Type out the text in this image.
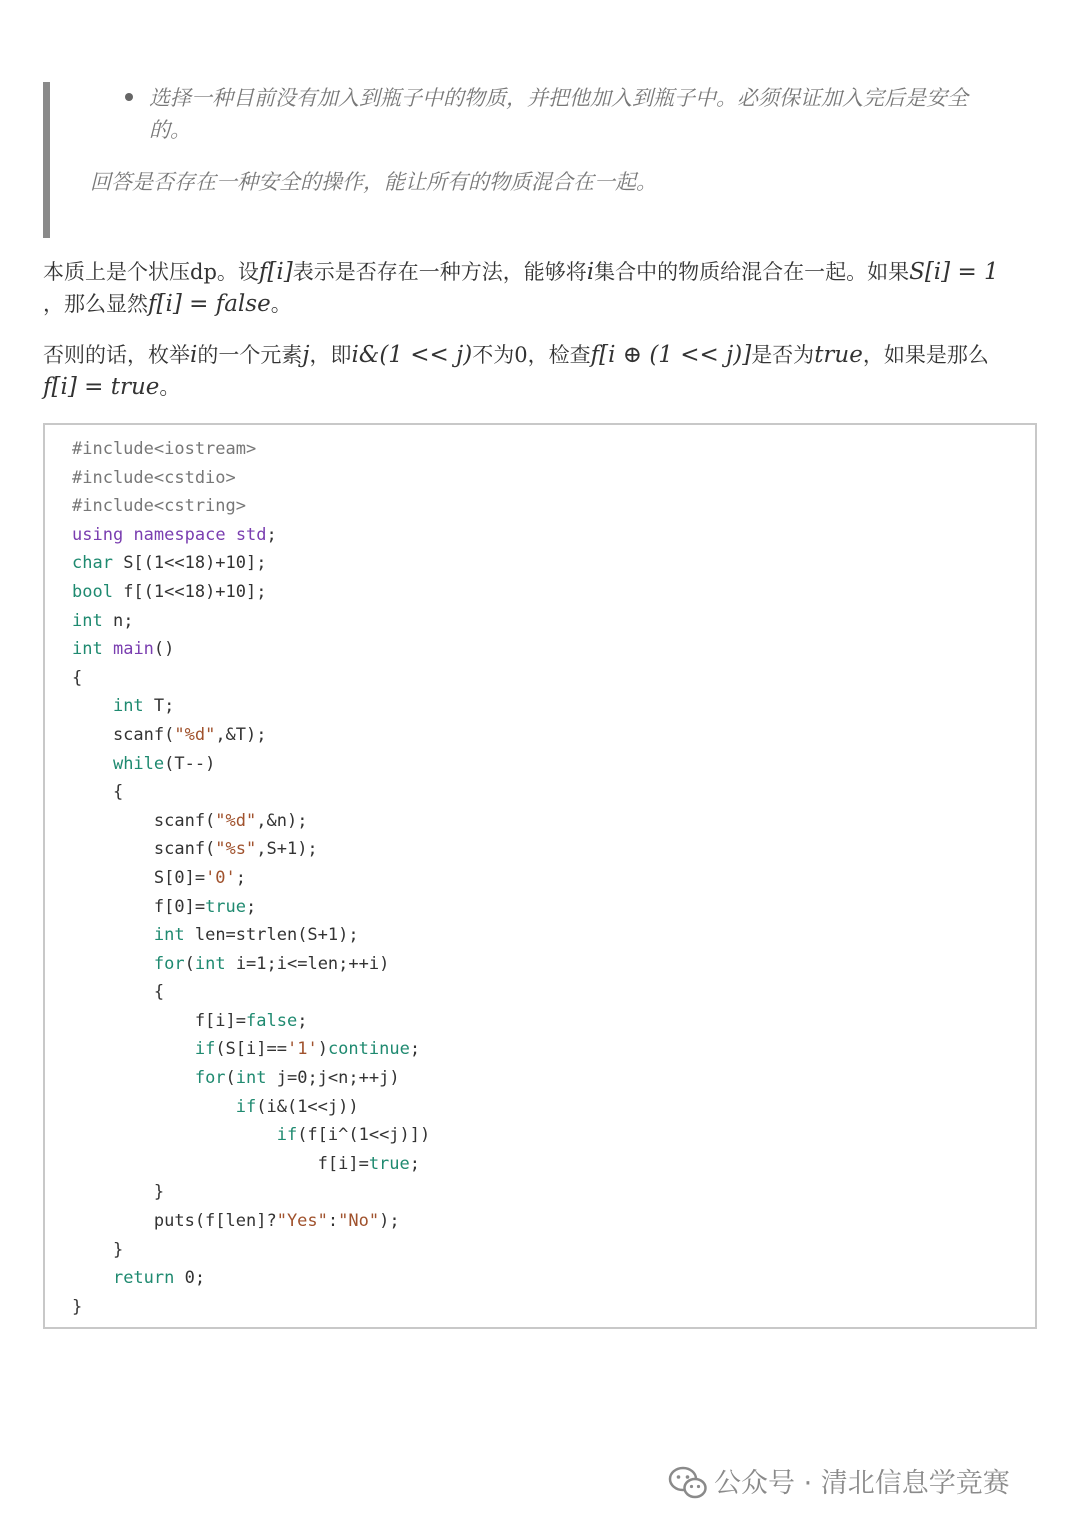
选择一种目前没有加入到瓶子中的物质，并把他加入到瓶子中。必须保证加入完后是安全的。
回答是否存在一种安全的操作，能让所有的物质混合在一起。
本质上是个状压dp。设f[i]表示是否存在一种方法，能够将i集合中的物质给混合在一起。如果S[i] = 1
，那么显然f[i] = false。
否则的话，枚举i的一个元素j，即i&(1 << j)不为0，检查f[i ⊕ (1 << j)]是否为true，如果是那么
f[i] = true。
#include<iostream>
#include<cstdio>
#include<cstring>
using namespace std;
char S[(1<<18)+10];
bool f[(1<<18)+10];
int n;
int main()
{
int T;
scanf("%d",&T);
while(T--)
{
scanf("%d",&n);
scanf("%s",S+1);
S[0]='0';
f[0]=true;
int len=strlen(S+1);
for(int i=1;i<=len;++i)
{
f[i]=false;
if(S[i]=='1')continue;
for(int j=0;j<n;++j)
if(i&(1<<j))
if(f[i^(1<<j)])
f[i]=true;
}
puts(f[len]?"Yes":"No");
}
return 0;
}
公众号 · 清北信息学竞赛
